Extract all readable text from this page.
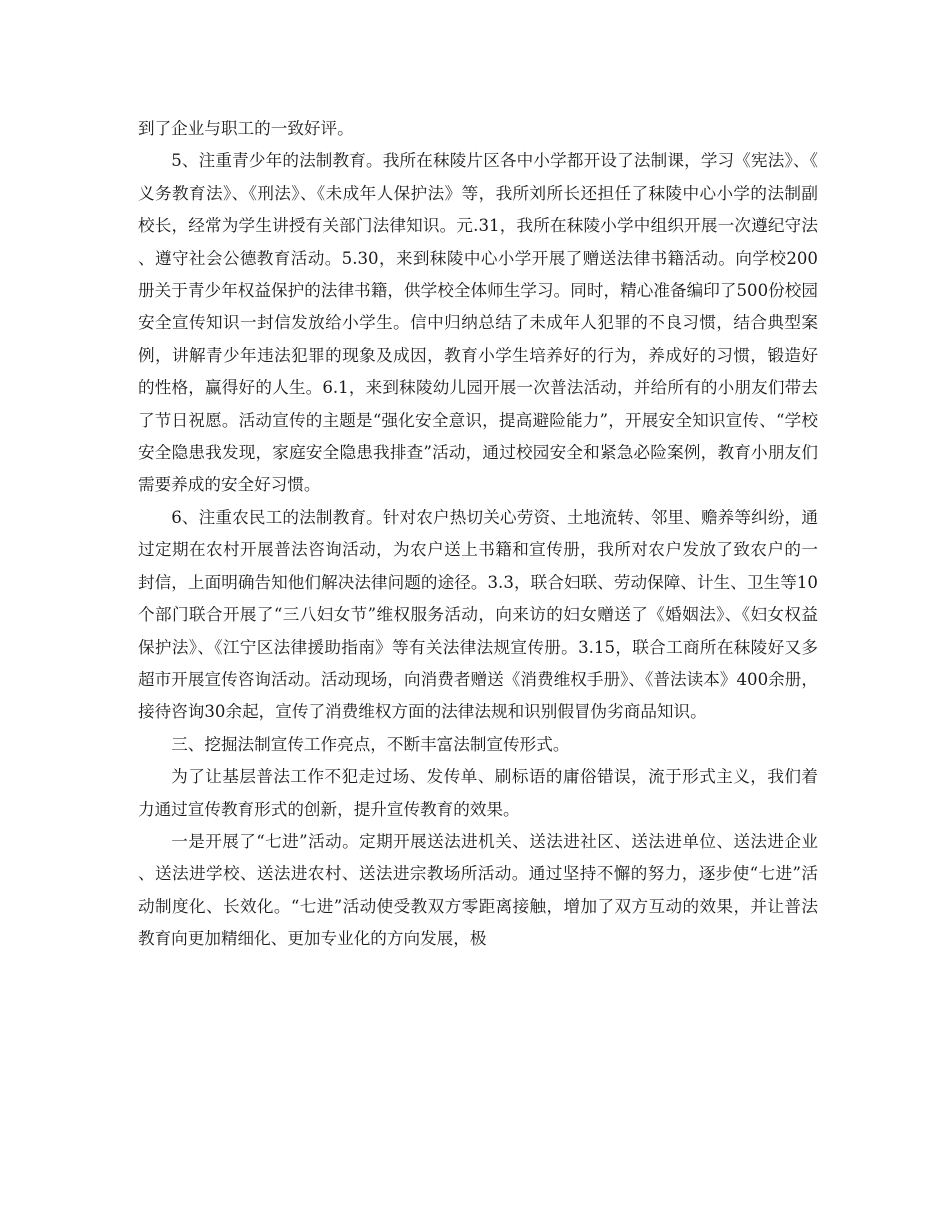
到了企业与职工的一致好评。

5、注重青少年的法制教育。我所在秣陵片区各中小学都开设了法制课，学习《宪法》、《义务教育法》、《刑法》、《未成年人保护法》等，我所刘所长还担任了秣陵中心小学的法制副校长，经常为学生讲授有关部门法律知识。元.31，我所在秣陵小学中组织开展一次遵纪守法、遵守社会公德教育活动。5.30，来到秣陵中心小学开展了赠送法律书籍活动。向学校200册关于青少年权益保护的法律书籍，供学校全体师生学习。同时，精心准备编印了500份校园安全宣传知识一封信发放给小学生。信中归纳总结了未成年人犯罪的不良习惯，结合典型案例，讲解青少年违法犯罪的现象及成因，教育小学生培养好的行为，养成好的习惯，锻造好的性格，赢得好的人生。6.1，来到秣陵幼儿园开展一次普法活动，并给所有的小朋友们带去了节日祝愿。活动宣传的主题是“强化安全意识，提高避险能力”，开展安全知识宣传、“学校安全隐患我发现，家庭安全隐患我排查”活动，通过校园安全和紧急必险案例，教育小朋友们需要养成的安全好习惯。

6、注重农民工的法制教育。针对农户热切关心劳资、土地流转、邻里、赡养等纠纷，通过定期在农村开展普法咨询活动，为农户送上书籍和宣传册，我所对农户发放了致农户的一封信，上面明确告知他们解决法律问题的途径。3.3，联合妇联、劳动保障、计生、卫生等10个部门联合开展了“三八妇女节”维权服务活动，向来访的妇女赠送了《婚姻法》、《妇女权益保护法》、《江宁区法律援助指南》等有关法律法规宣传册。3.15，联合工商所在秣陵好又多超市开展宣传咨询活动。活动现场，向消费者赠送《消费维权手册》、《普法读本》400余册，接待咨询30余起，宣传了消费维权方面的法律法规和识别假冒伪劣商品知识。

三、挖掘法制宣传工作亮点，不断丰富法制宣传形式。

为了让基层普法工作不犯走过场、发传单、刷标语的庸俗错误，流于形式主义，我们着力通过宣传教育形式的创新，提升宣传教育的效果。

一是开展了“七进”活动。定期开展送法进机关、送法进社区、送法进单位、送法进企业、送法进学校、送法进农村、送法进宗教场所活动。通过坚持不懈的努力，逐步使“七进”活动制度化、长效化。“七进”活动使受教双方零距离接触，增加了双方互动的效果，并让普法教育向更加精细化、更加专业化的方向发展，极
